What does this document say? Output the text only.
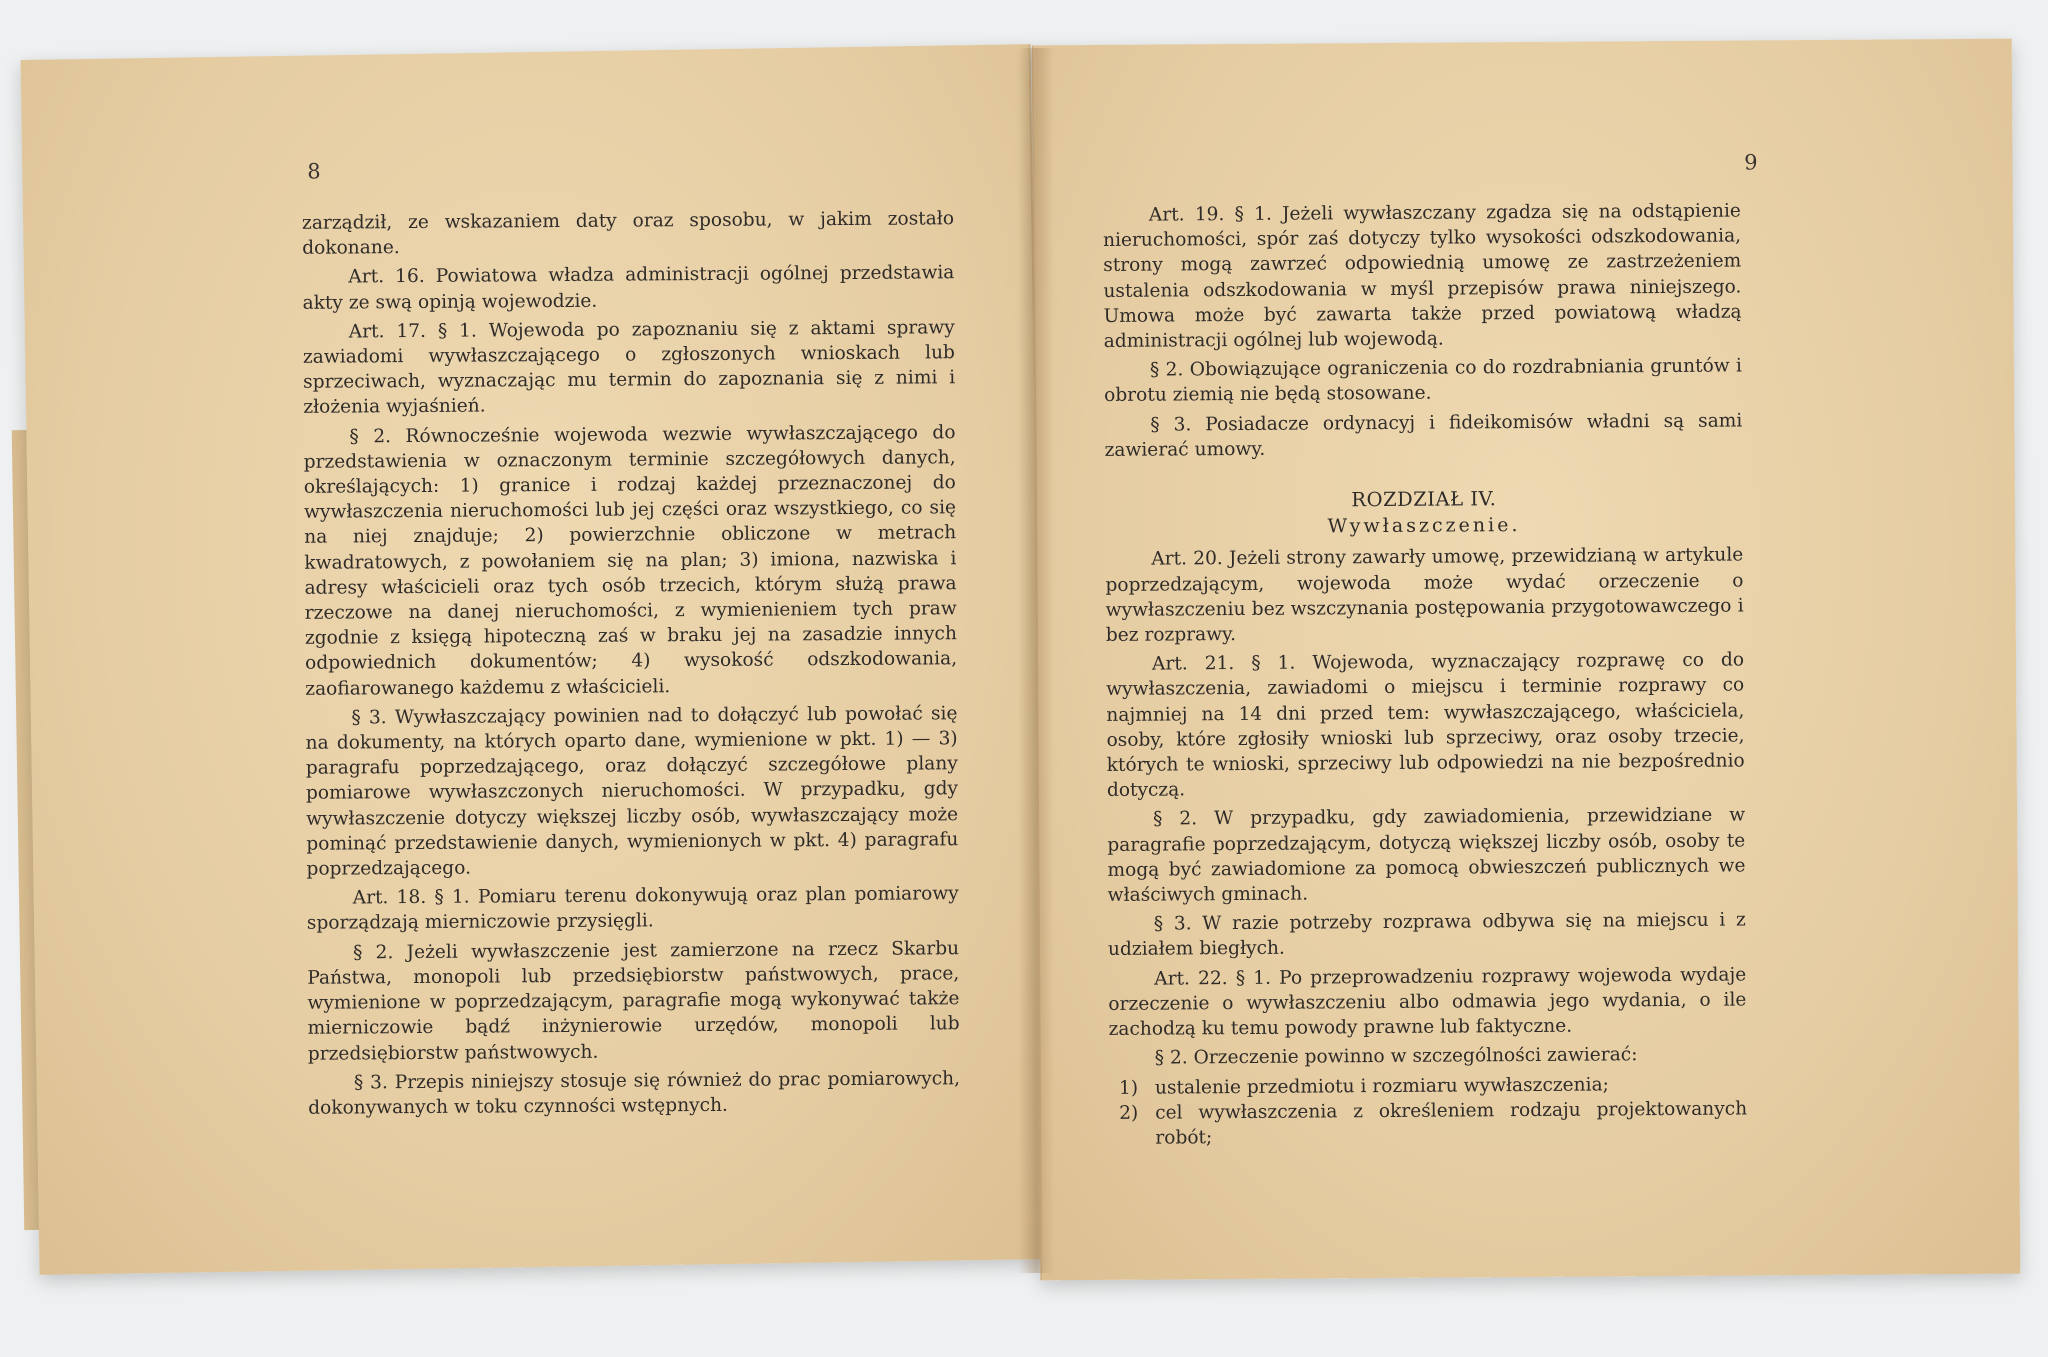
8

zarządził, ze wskazaniem daty oraz sposobu, w jakim zostało dokonane.

Art. 16. Powiatowa władza administracji ogólnej przedstawia akty ze swą opinją wojewodzie.

Art. 17. § 1. Wojewoda po zapoznaniu się z aktami sprawy zawiadomi wywłaszczającego o zgłoszonych wnioskach lub sprzeciwach, wyznaczając mu termin do zapoznania się z nimi i złożenia wyjaśnień.

§ 2. Równocześnie wojewoda wezwie wywłaszczającego do przedstawienia w oznaczonym terminie szczegółowych danych, określających: 1) granice i rodzaj każdej przeznaczonej do wywłaszczenia nieruchomości lub jej części oraz wszystkiego, co się na niej znajduje; 2) powierzchnie obliczone w metrach kwadratowych, z powołaniem się na plan; 3) imiona, nazwiska i adresy właścicieli oraz tych osób trzecich, którym służą prawa rzeczowe na danej nieruchomości, z wymienieniem tych praw zgodnie z księgą hipoteczną zaś w braku jej na zasadzie innych odpowiednich dokumentów; 4) wysokość odszkodowania, zaofiarowanego każdemu z właścicieli.

§ 3. Wywłaszczający powinien nad to dołączyć lub powołać się na dokumenty, na których oparto dane, wymienione w pkt. 1) — 3) paragrafu poprzedzającego, oraz dołączyć szczegółowe plany pomiarowe wywłaszczonych nieruchomości. W przypadku, gdy wywłaszczenie dotyczy większej liczby osób, wywłaszczający może pominąć przedstawienie danych, wymienionych w pkt. 4) paragrafu poprzedzającego.

Art. 18. § 1. Pomiaru terenu dokonywują oraz plan pomiarowy sporządzają mierniczowie przysięgli.

§ 2. Jeżeli wywłaszczenie jest zamierzone na rzecz Skarbu Państwa, monopoli lub przedsiębiorstw państwowych, prace, wymienione w poprzedzającym, paragrafie mogą wykonywać także mierniczowie bądź inżynierowie urzędów, monopoli lub przedsiębiorstw państwowych.

§ 3. Przepis niniejszy stosuje się również do prac pomiarowych, dokonywanych w toku czynności wstępnych.

9

Art. 19. § 1. Jeżeli wywłaszczany zgadza się na odstąpienie nieruchomości, spór zaś dotyczy tylko wysokości odszkodowania, strony mogą zawrzeć odpowiednią umowę ze zastrzeżeniem ustalenia odszkodowania w myśl przepisów prawa niniejszego. Umowa może być zawarta także przed powiatową władzą administracji ogólnej lub wojewodą.

§ 2. Obowiązujące ograniczenia co do rozdrabniania gruntów i obrotu ziemią nie będą stosowane.

§ 3. Posiadacze ordynacyj i fideikomisów władni są sami zawierać umowy.

ROZDZIAŁ IV.
Wywłaszczenie.

Art. 20. Jeżeli strony zawarły umowę, przewidzianą w artykule poprzedzającym, wojewoda może wydać orzeczenie o wywłaszczeniu bez wszczynania postępowania przygotowawczego i bez rozprawy.

Art. 21. § 1. Wojewoda, wyznaczający rozprawę co do wywłaszczenia, zawiadomi o miejscu i terminie rozprawy co najmniej na 14 dni przed tem: wywłaszczającego, właściciela, osoby, które zgłosiły wnioski lub sprzeciwy, oraz osoby trzecie, których te wnioski, sprzeciwy lub odpowiedzi na nie bezpośrednio dotyczą.

§ 2. W przypadku, gdy zawiadomienia, przewidziane w paragrafie poprzedzającym, dotyczą większej liczby osób, osoby te mogą być zawiadomione za pomocą obwieszczeń publicznych we właściwych gminach.

§ 3. W razie potrzeby rozprawa odbywa się na miejscu i z udziałem biegłych.

Art. 22. § 1. Po przeprowadzeniu rozprawy wojewoda wydaje orzeczenie o wywłaszczeniu albo odmawia jego wydania, o ile zachodzą ku temu powody prawne lub faktyczne.

§ 2. Orzeczenie powinno w szczególności zawierać:

1) ustalenie przedmiotu i rozmiaru wywłaszczenia;
2) cel wywłaszczenia z określeniem rodzaju projektowanych robót;
